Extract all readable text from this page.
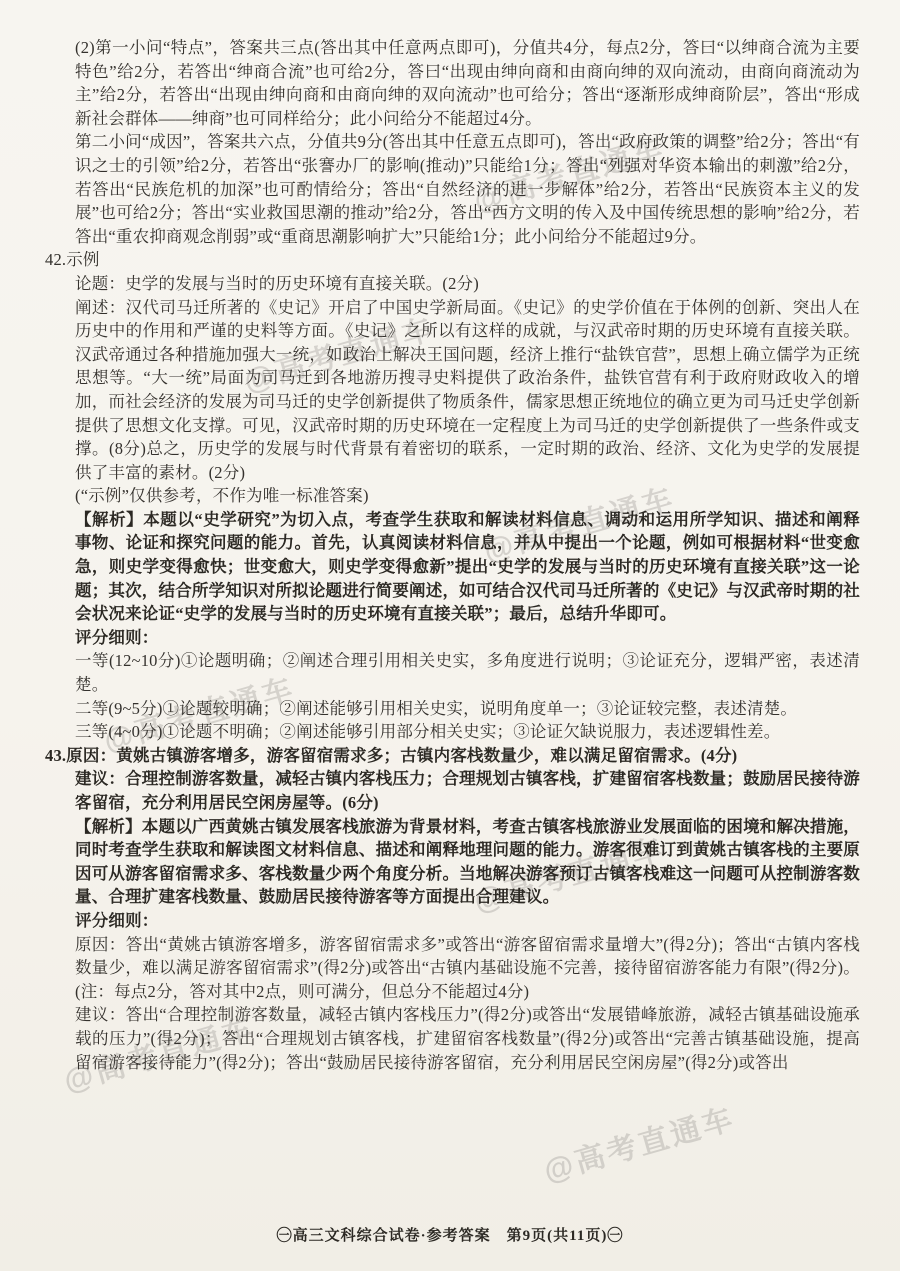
@高考直通车
@高考直通车
@高考直通车
@高考直通车
@高考直通车
@高考直通车
@高考直通车

(2)第一小问“特点”，答案共三点(答出其中任意两点即可)，分值共4分，每点2分，答曰“以绅商合流为主要特色”给2分，若答出“绅商合流”也可给2分，答曰“出现由绅向商和由商向绅的双向流动，由商向商流动为主”给2分，若答出“出现由绅向商和由商向绅的双向流动”也可给分；答出“逐渐形成绅商阶层”，答出“形成新社会群体——绅商”也可同样给分；此小问给分不能超过4分。

第二小问“成因”，答案共六点，分值共9分(答出其中任意五点即可)，答出“政府政策的调整”给2分；答出“有识之士的引领”给2分，若答出“张謇办厂的影响(推动)”只能给1分；答出“列强对华资本输出的刺激”给2分，若答出“民族危机的加深”也可酌情给分；答出“自然经济的进一步解体”给2分，若答出“民族资本主义的发展”也可给2分；答出“实业救国思潮的推动”给2分，答出“西方文明的传入及中国传统思想的影响”给2分，若答出“重农抑商观念削弱”或“重商思潮影响扩大”只能给1分；此小问给分不能超过9分。

42.示例

论题：史学的发展与当时的历史环境有直接关联。(2分)

阐述：汉代司马迁所著的《史记》开启了中国史学新局面。《史记》的史学价值在于体例的创新、突出人在历史中的作用和严谨的史料等方面。《史记》之所以有这样的成就，与汉武帝时期的历史环境有直接关联。汉武帝通过各种措施加强大一统，如政治上解决王国问题，经济上推行“盐铁官营”，思想上确立儒学为正统思想等。“大一统”局面为司马迁到各地游历搜寻史料提供了政治条件，盐铁官营有利于政府财政收入的增加，而社会经济的发展为司马迁的史学创新提供了物质条件，儒家思想正统地位的确立更为司马迁史学创新提供了思想文化支撑。可见，汉武帝时期的历史环境在一定程度上为司马迁的史学创新提供了一些条件或支撑。(8分)总之，历史学的发展与时代背景有着密切的联系，一定时期的政治、经济、文化为史学的发展提供了丰富的素材。(2分)

(“示例”仅供参考，不作为唯一标准答案)

【解析】本题以“史学研究”为切入点，考查学生获取和解读材料信息、调动和运用所学知识、描述和阐释事物、论证和探究问题的能力。首先，认真阅读材料信息，并从中提出一个论题，例如可根据材料“世变愈急，则史学变得愈快；世变愈大，则史学变得愈新”提出“史学的发展与当时的历史环境有直接关联”这一论题；其次，结合所学知识对所拟论题进行简要阐述，如可结合汉代司马迁所著的《史记》与汉武帝时期的社会状况来论证“史学的发展与当时的历史环境有直接关联”；最后，总结升华即可。

评分细则：

一等(12~10分)①论题明确；②阐述合理引用相关史实，多角度进行说明；③论证充分，逻辑严密，表述清楚。

二等(9~5分)①论题较明确；②阐述能够引用相关史实，说明角度单一；③论证较完整，表述清楚。

三等(4~0分)①论题不明确；②阐述能够引用部分相关史实；③论证欠缺说服力，表述逻辑性差。

43.原因：黄姚古镇游客增多，游客留宿需求多；古镇内客栈数量少，难以满足留宿需求。(4分)

建议：合理控制游客数量，减轻古镇内客栈压力；合理规划古镇客栈，扩建留宿客栈数量；鼓励居民接待游客留宿，充分利用居民空闲房屋等。(6分)

【解析】本题以广西黄姚古镇发展客栈旅游为背景材料，考查古镇客栈旅游业发展面临的困境和解决措施，同时考查学生获取和解读图文材料信息、描述和阐释地理问题的能力。游客很难订到黄姚古镇客栈的主要原因可从游客留宿需求多、客栈数量少两个角度分析。当地解决游客预订古镇客栈难这一问题可从控制游客数量、合理扩建客栈数量、鼓励居民接待游客等方面提出合理建议。

评分细则：

原因：答出“黄姚古镇游客增多，游客留宿需求多”或答出“游客留宿需求量增大”(得2分)；答出“古镇内客栈数量少，难以满足游客留宿需求”(得2分)或答出“古镇内基础设施不完善，接待留宿游客能力有限”(得2分)。(注：每点2分，答对其中2点，则可满分，但总分不能超过4分)

建议：答出“合理控制游客数量，减轻古镇内客栈压力”(得2分)或答出“发展错峰旅游，减轻古镇基础设施承载的压力”(得2分)；答出“合理规划古镇客栈，扩建留宿客栈数量”(得2分)或答出“完善古镇基础设施，提高留宿游客接待能力”(得2分)；答出“鼓励居民接待游客留宿，充分利用居民空闲房屋”(得2分)或答出

㊀高三文科综合试卷·参考答案　第9页(共11页)㊀
